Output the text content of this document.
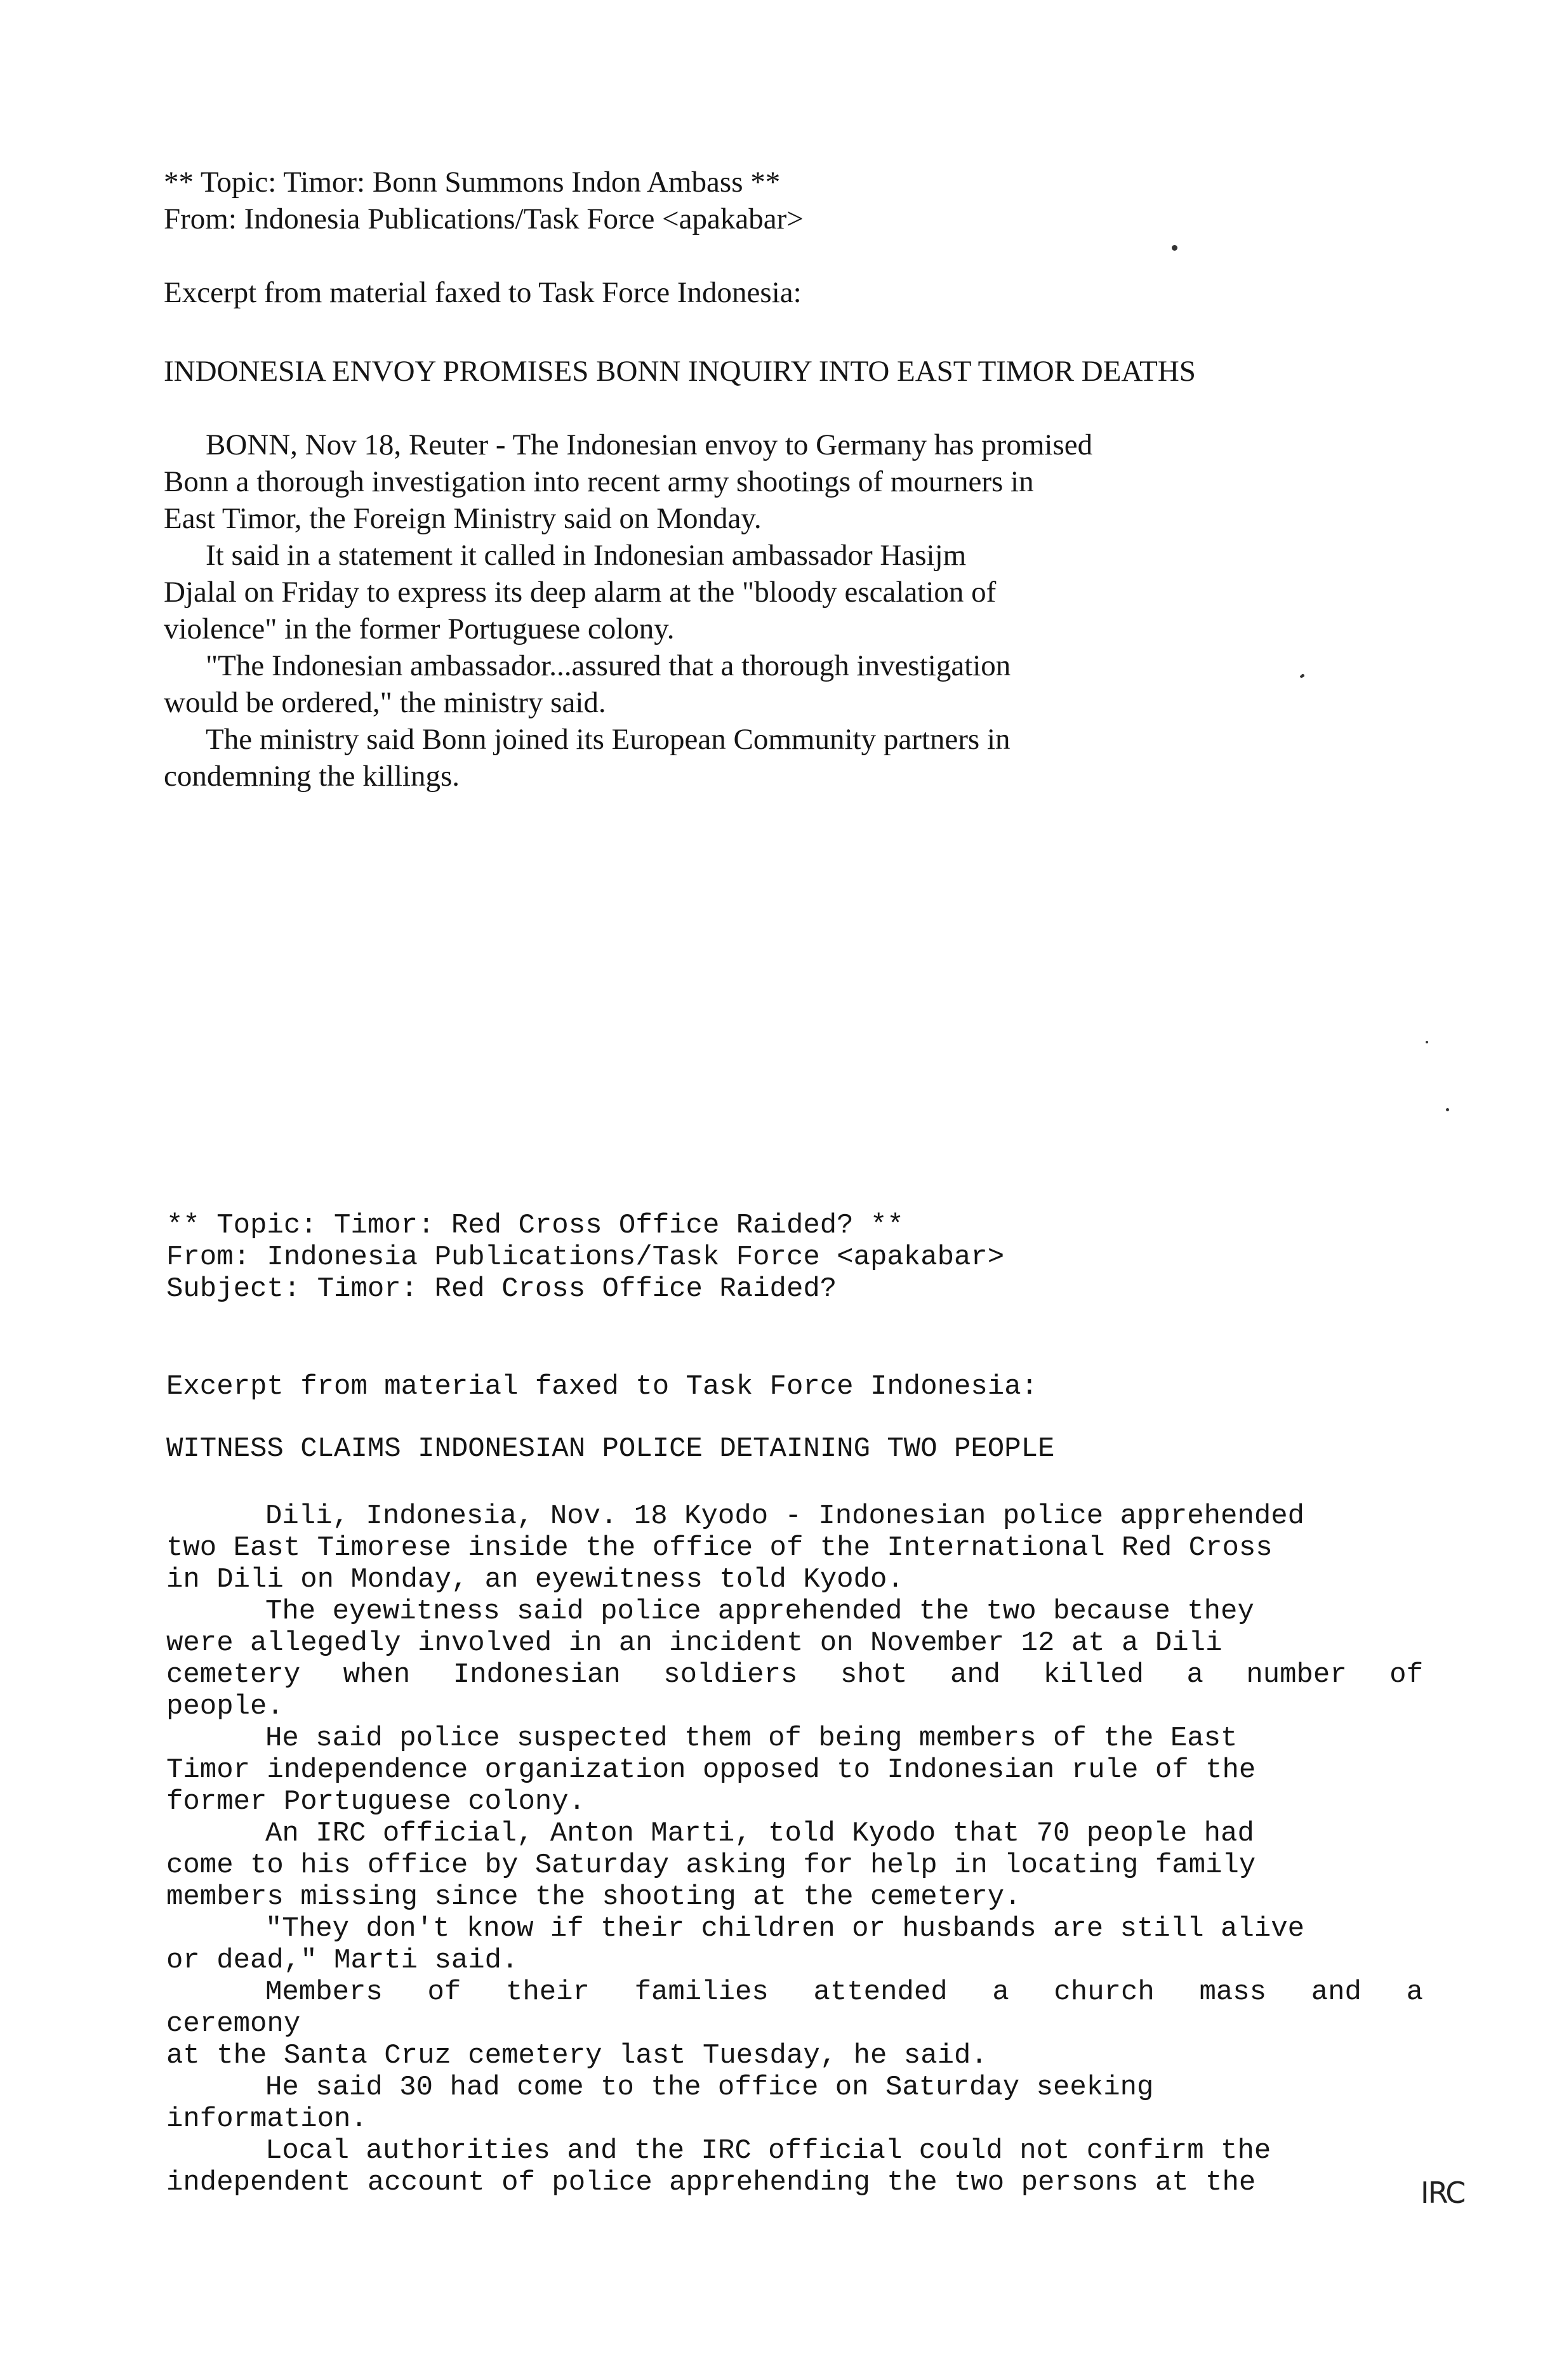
** Topic: Timor: Bonn Summons Indon Ambass **
From: Indonesia Publications/Task Force <apakabar>
Excerpt from material faxed to Task Force Indonesia:
INDONESIA ENVOY PROMISES BONN INQUIRY INTO EAST TIMOR DEATHS
BONN, Nov 18, Reuter - The Indonesian envoy to Germany has promised
Bonn a thorough investigation into recent army shootings of mourners in
East Timor, the Foreign Ministry said on Monday.
It said in a statement it called in Indonesian ambassador Hasijm
Djalal on Friday to express its deep alarm at the "bloody escalation of
violence" in the former Portuguese colony.
"The Indonesian ambassador...assured that a thorough investigation
would be ordered," the ministry said.
The ministry said Bonn joined its European Community partners in
condemning the killings.
** Topic: Timor: Red Cross Office Raided? **
From: Indonesia Publications/Task Force <apakabar>
Subject: Timor: Red Cross Office Raided?
Excerpt from material faxed to Task Force Indonesia:
WITNESS CLAIMS INDONESIAN POLICE DETAINING TWO PEOPLE
Dili, Indonesia, Nov. 18 Kyodo - Indonesian police apprehended
two East Timorese inside the office of the International Red Cross
in Dili on Monday, an eyewitness told Kyodo.
The eyewitness said police apprehended the two because they
were allegedly involved in an incident on November 12 at a Dili
cemetery when Indonesian soldiers shot and killed a number of
people.
He said police suspected them of being members of the East
Timor independence organization opposed to Indonesian rule of the
former Portuguese colony.
An IRC official, Anton Marti, told Kyodo that 70 people had
come to his office by Saturday asking for help in locating family
members missing since the shooting at the cemetery.
"They don't know if their children or husbands are still alive
or dead," Marti said.
Members of their families attended a church mass and a
ceremony
at the Santa Cruz cemetery last Tuesday, he said.
He said 30 had come to the office on Saturday seeking
information.
Local authorities and the IRC official could not confirm the
independent account of police apprehending the two persons at the	IRC
